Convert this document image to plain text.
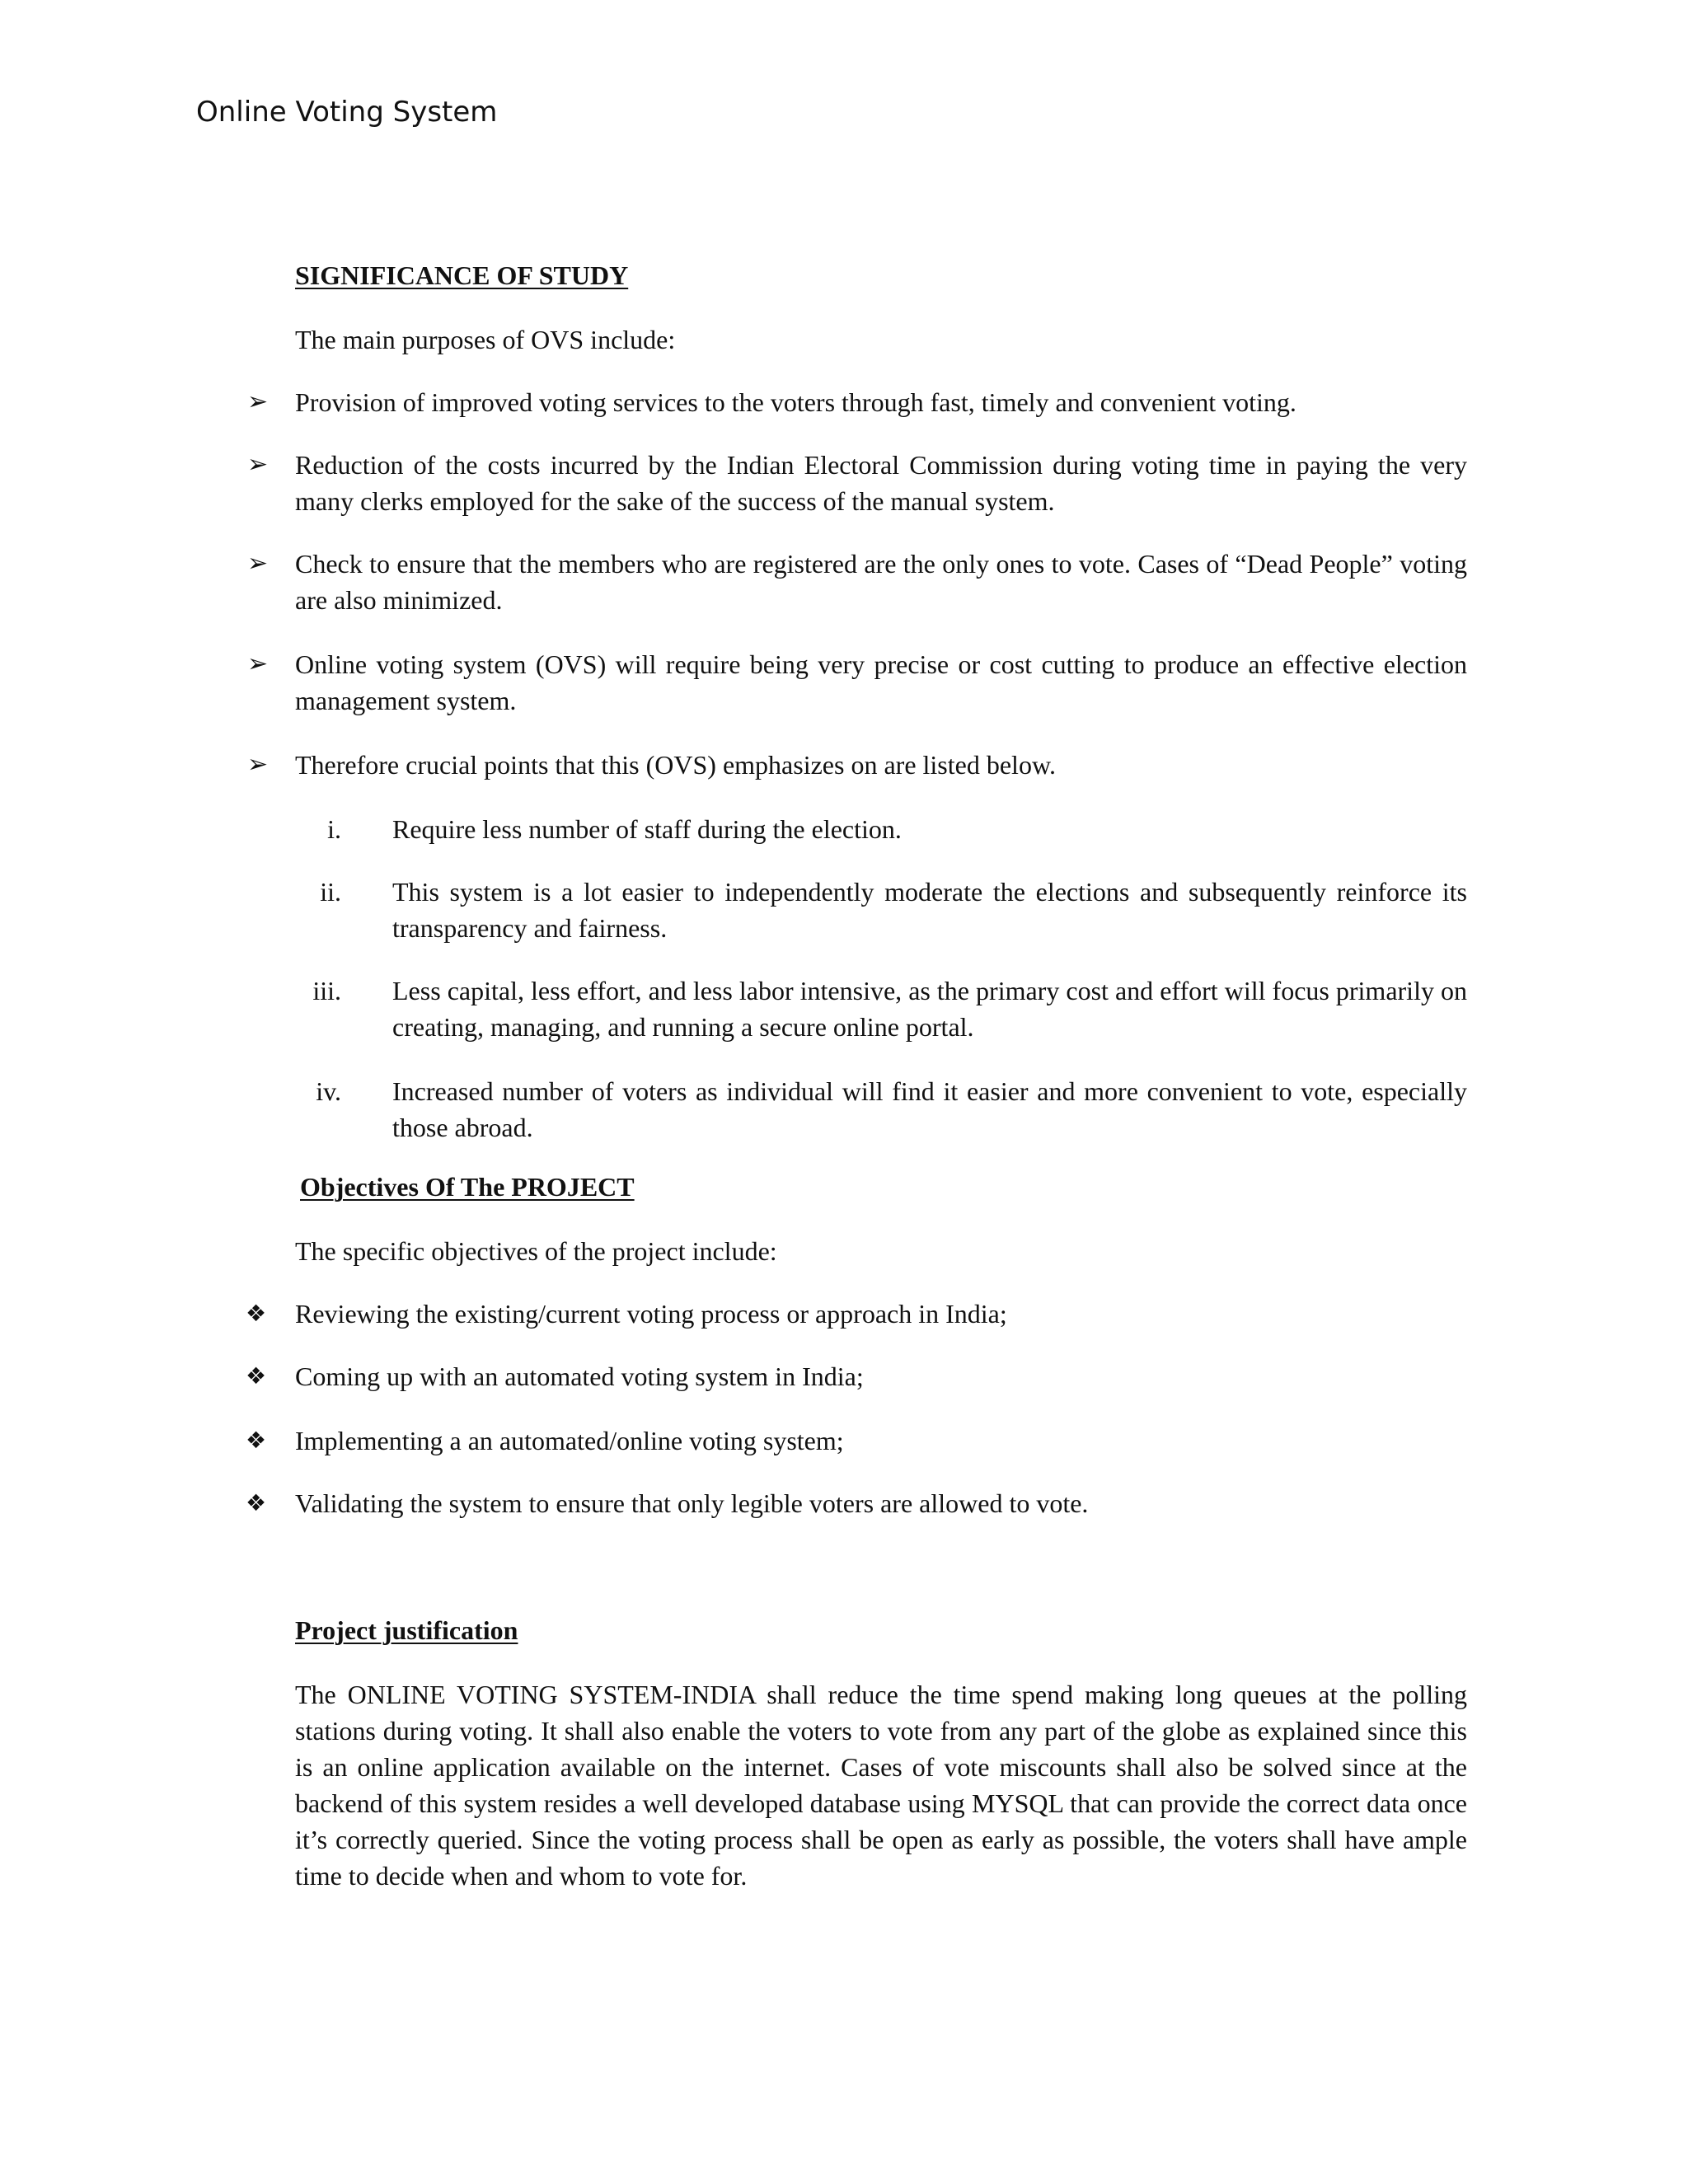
Online Voting System
SIGNIFICANCE OF STUDY
The main purposes of OVS include:
➢	Provision of improved voting services to the voters through fast, timely and convenient voting.
➢	Reduction of the costs incurred by the Indian Electoral Commission during voting time in paying the very many clerks employed for the sake of the success of the manual system.
➢	Check to ensure that the members who are registered are the only ones to vote. Cases of “Dead People” voting are also minimized.
➢	Online voting system (OVS) will require being very precise or cost cutting to produce an effective election management system.
➢	Therefore crucial points that this (OVS) emphasizes on are listed below.
i. Require less number of staff during the election.
ii. This system is a lot easier to independently moderate the elections and subsequently reinforce its transparency and fairness.
iii. Less capital, less effort, and less labor intensive, as the primary cost and effort will focus primarily on creating, managing, and running a secure online portal.
iv. Increased number of voters as individual will find it easier and more convenient to vote, especially those abroad.
Objectives Of The PROJECT
The specific objectives of the project include:
❖	Reviewing the existing/current voting process or approach in India;
❖	Coming up with an automated voting system in India;
❖	Implementing a an automated/online voting system;
❖	Validating the system to ensure that only legible voters are allowed to vote.
Project justification
The ONLINE VOTING SYSTEM-INDIA shall reduce the time spend making long queues at the polling stations during voting. It shall also enable the voters to vote from any part of the globe as explained since this is an online application available on the internet. Cases of vote miscounts shall also be solved since at the backend of this system resides a well developed database using MYSQL that can provide the correct data once it’s correctly queried. Since the voting process shall be open as early as possible, the voters shall have ample time to decide when and whom to vote for.
